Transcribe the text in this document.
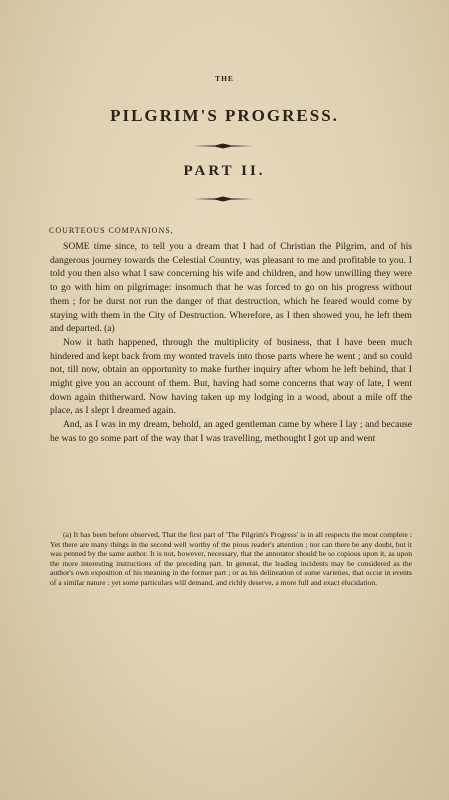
THE
PILGRIM'S PROGRESS.
PART II.
COURTEOUS COMPANIONS,

SOME time since, to tell you a dream that I had of Christian the Pilgrim, and of his dangerous journey towards the Celestial Country, was pleasant to me and profitable to you. I told you then also what I saw concerning his wife and children, and how unwilling they were to go with him on pilgrimage: insomuch that he was forced to go on his progress without them ; for he durst not run the danger of that destruction, which he feared would come by staying with them in the City of Destruction. Wherefore, as I then showed you, he left them and departed. (a)

Now it hath happened, through the multiplicity of business, that I have been much hindered and kept back from my wonted travels into those parts where he went ; and so could not, till now, obtain an opportunity to make further inquiry after whom he left behind, that I might give you an account of them. But, having had some concerns that way of late, I went down again thitherward. Now having taken up my lodging in a wood, about a mile off the place, as I slept I dreamed again.

And, as I was in my dream, behold, an aged gentleman came by where I lay ; and because he was to go some part of the way that I was travelling, methought I got up and went

(a) It has been before observed, That the first part of 'The Pilgrim's Progress' is in all respects the most complete : Yet there are many things in the second well worthy of the pious reader's attention ; nor can there be any doubt, but it was penned by the same author. It is not, however, necessary, that the annotator should be so copious upon it, as upon the more interesting instructions of the preceding part. In general, the leading incidents may be considered as the author's own exposition of his meaning in the former part ; or as his delineation of some varieties, that occur in events of a similar nature : yet some particulars will demand, and richly deserve, a more full and exact elucidation.
